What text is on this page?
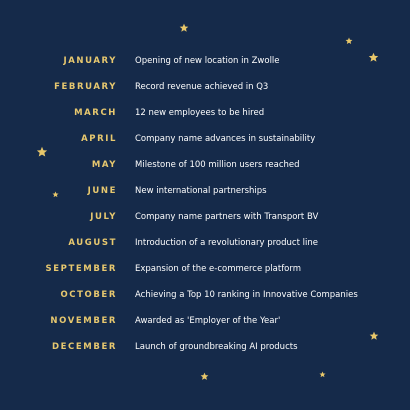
JANUARY Opening of new location in Zwolle
FEBRUARY Record revenue achieved in Q3
MARCH 12 new employees to be hired
APRIL Company name advances in sustainability
MAY Milestone of 100 million users reached
JUNE New international partnerships
JULY Company name partners with Transport BV
AUGUST Introduction of a revolutionary product line
SEPTEMBER Expansion of the e-commerce platform
OCTOBER Achieving a Top 10 ranking in Innovative Companies
NOVEMBER Awarded as 'Employer of the Year'
DECEMBER Launch of groundbreaking AI products
